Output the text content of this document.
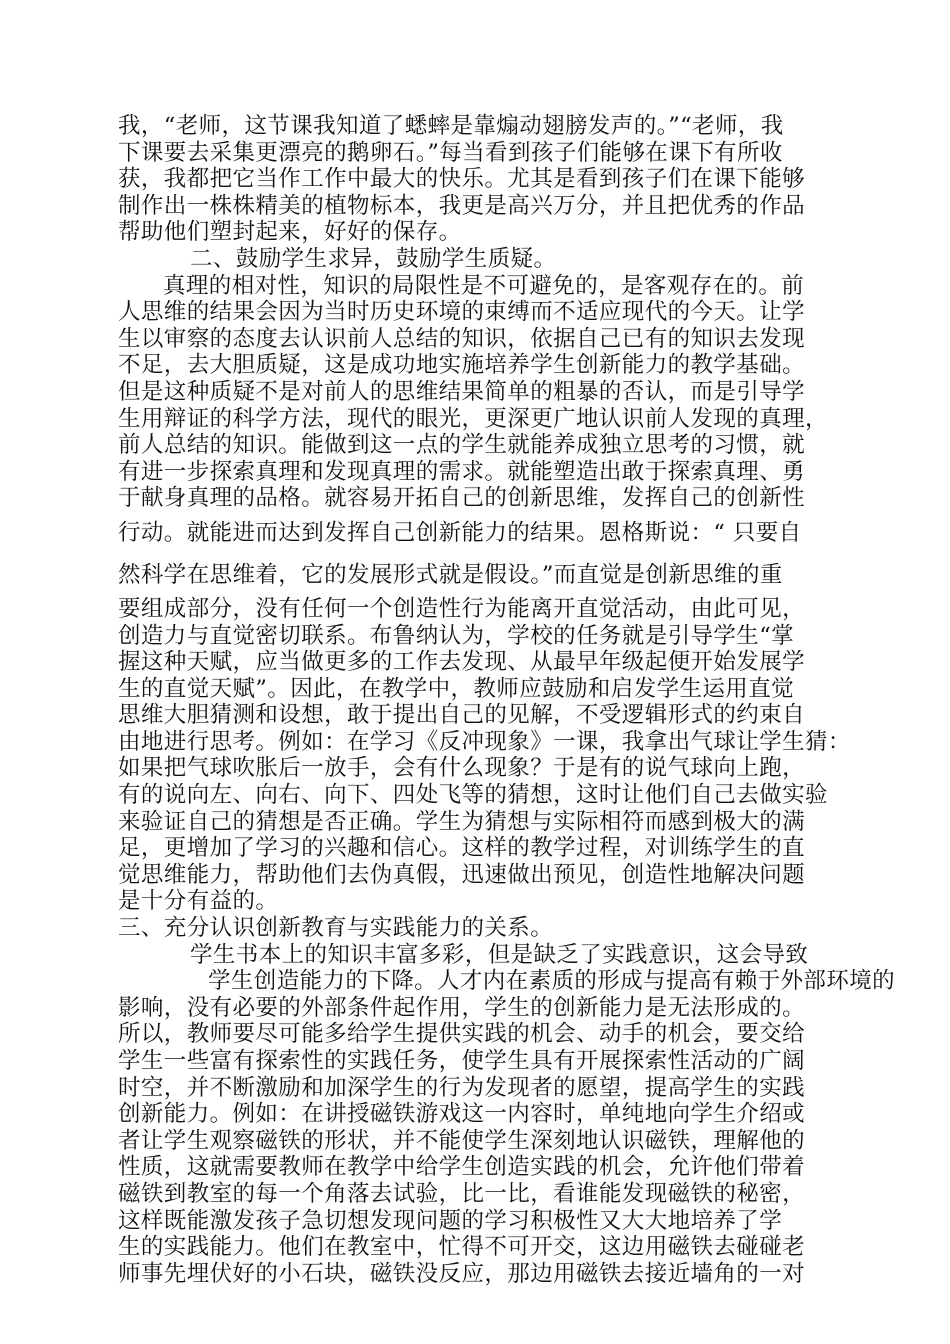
我，“老师，这节课我知道了蟋蟀是靠煽动翅膀发声的。”“老师，我
下课要去采集更漂亮的鹅卵石。”每当看到孩子们能够在课下有所收
获，我都把它当作工作中最大的快乐。尤其是看到孩子们在课下能够
制作出一株株精美的植物标本，我更是高兴万分，并且把优秀的作品
帮助他们塑封起来，好好的保存。
二、鼓励学生求异，鼓励学生质疑。
真理的相对性，知识的局限性是不可避免的，是客观存在的。前
人思维的结果会因为当时历史环境的束缚而不适应现代的今天。让学
生以审察的态度去认识前人总结的知识，依据自己已有的知识去发现
不足，去大胆质疑，这是成功地实施培养学生创新能力的教学基础。
但是这种质疑不是对前人的思维结果简单的粗暴的否认，而是引导学
生用辩证的科学方法，现代的眼光，更深更广地认识前人发现的真理，
前人总结的知识。能做到这一点的学生就能养成独立思考的习惯，就
有进一步探索真理和发现真理的需求。就能塑造出敢于探索真理、勇
于献身真理的品格。就容易开拓自己的创新思维，发挥自己的创新性
行动。就能进而达到发挥自己创新能力的结果。恩格斯说：“ 只要自
然科学在思维着，它的发展形式就是假设。”而直觉是创新思维的重
要组成部分，没有任何一个创造性行为能离开直觉活动，由此可见，
创造力与直觉密切联系。布鲁纳认为，学校的任务就是引导学生“掌
握这种天赋，应当做更多的工作去发现、从最早年级起便开始发展学
生的直觉天赋”。因此，在教学中，教师应鼓励和启发学生运用直觉
思维大胆猜测和设想，敢于提出自己的见解，不受逻辑形式的约束自
由地进行思考。例如：在学习《反冲现象》一课，我拿出气球让学生猜：
如果把气球吹胀后一放手，会有什么现象？于是有的说气球向上跑，
有的说向左、向右、向下、四处飞等的猜想，这时让他们自己去做实验
来验证自己的猜想是否正确。学生为猜想与实际相符而感到极大的满
足，更增加了学习的兴趣和信心。这样的教学过程，对训练学生的直
觉思维能力，帮助他们去伪真假，迅速做出预见，创造性地解决问题
是十分有益的。
三、充分认识创新教育与实践能力的关系。
学生书本上的知识丰富多彩，但是缺乏了实践意识，这会导致
学生创造能力的下降。人才内在素质的形成与提高有赖于外部环境的
影响，没有必要的外部条件起作用，学生的创新能力是无法形成的。
所以，教师要尽可能多给学生提供实践的机会、动手的机会，要交给
学生一些富有探索性的实践任务，使学生具有开展探索性活动的广阔
时空，并不断激励和加深学生的行为发现者的愿望，提高学生的实践
创新能力。例如：在讲授磁铁游戏这一内容时，单纯地向学生介绍或
者让学生观察磁铁的形状，并不能使学生深刻地认识磁铁，理解他的
性质，这就需要教师在教学中给学生创造实践的机会，允许他们带着
磁铁到教室的每一个角落去试验，比一比，看谁能发现磁铁的秘密，
这样既能激发孩子急切想发现问题的学习积极性又大大地培养了学
生的实践能力。他们在教室中，忙得不可开交，这边用磁铁去碰碰老
师事先埋伏好的小石块，磁铁没反应，那边用磁铁去接近墙角的一对
